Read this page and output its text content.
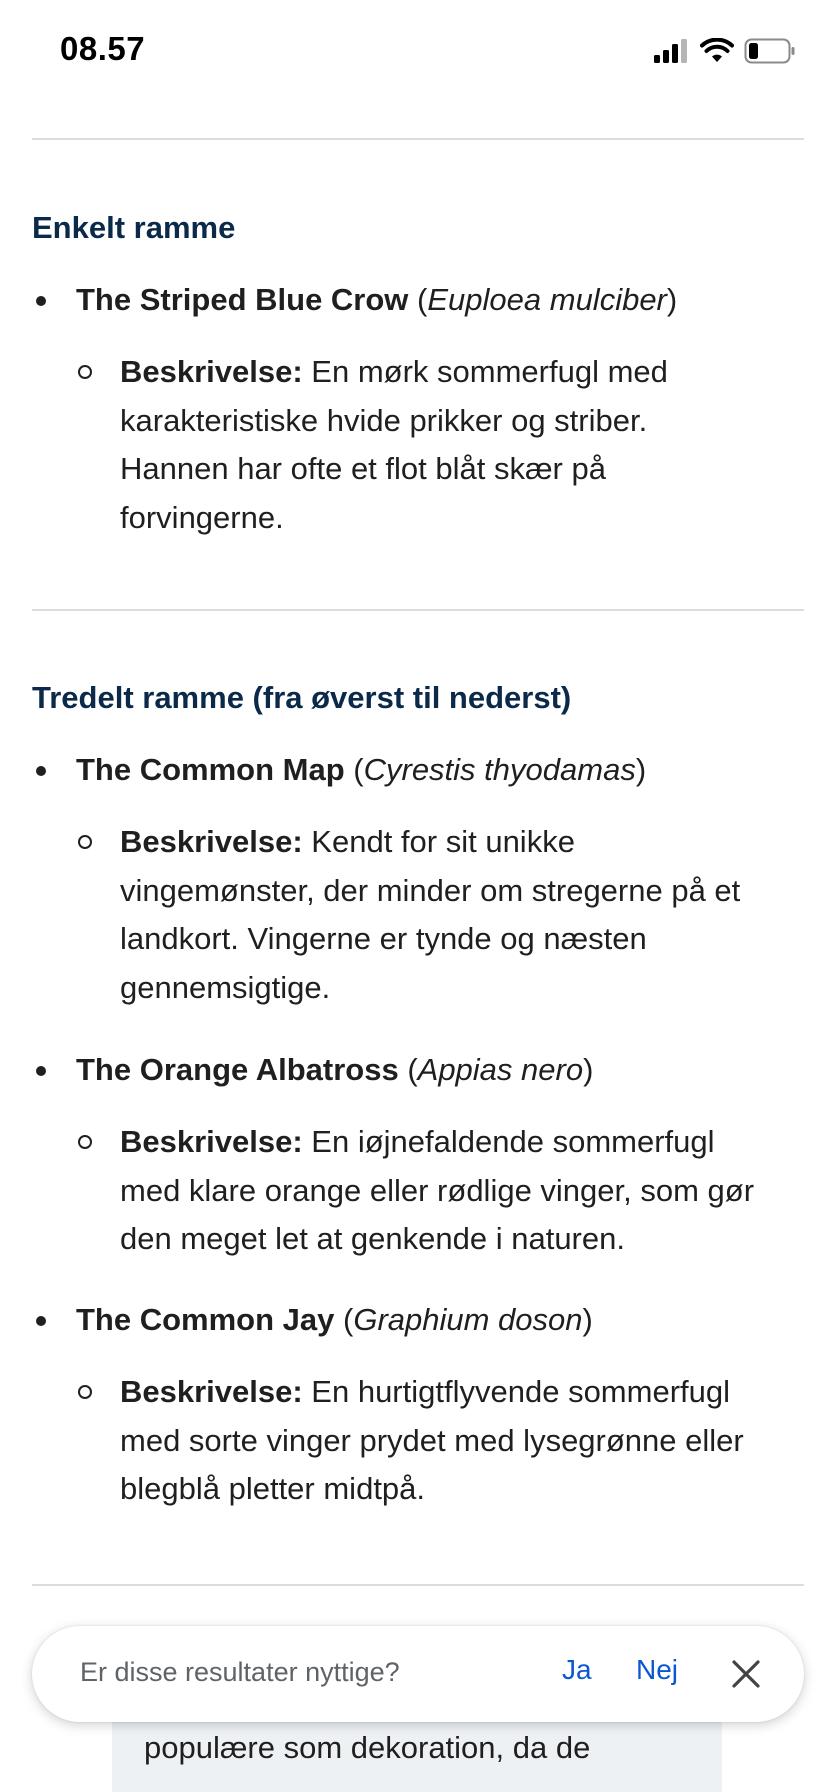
08.57
Enkelt ramme
The Striped Blue Crow (Euploea mulciber)
Beskrivelse: En mørk sommerfugl med
karakteristiske hvide prikker og striber.
Hannen har ofte et flot blåt skær på
forvingerne.
Tredelt ramme (fra øverst til nederst)
The Common Map (Cyrestis thyodamas)
Beskrivelse: Kendt for sit unikke
vingemønster, der minder om stregerne på et
landkort. Vingerne er tynde og næsten
gennemsigtige.
The Orange Albatross (Appias nero)
Beskrivelse: En iøjnefaldende sommerfugl
med klare orange eller rødlige vinger, som gør
den meget let at genkende i naturen.
The Common Jay (Graphium doson)
Beskrivelse: En hurtigtflyvende sommerfugl
med sorte vinger prydet med lysegrønne eller
blegblå pletter midtpå.
populære som dekoration, da de
Er disse resultater nyttige?	Ja Nej
